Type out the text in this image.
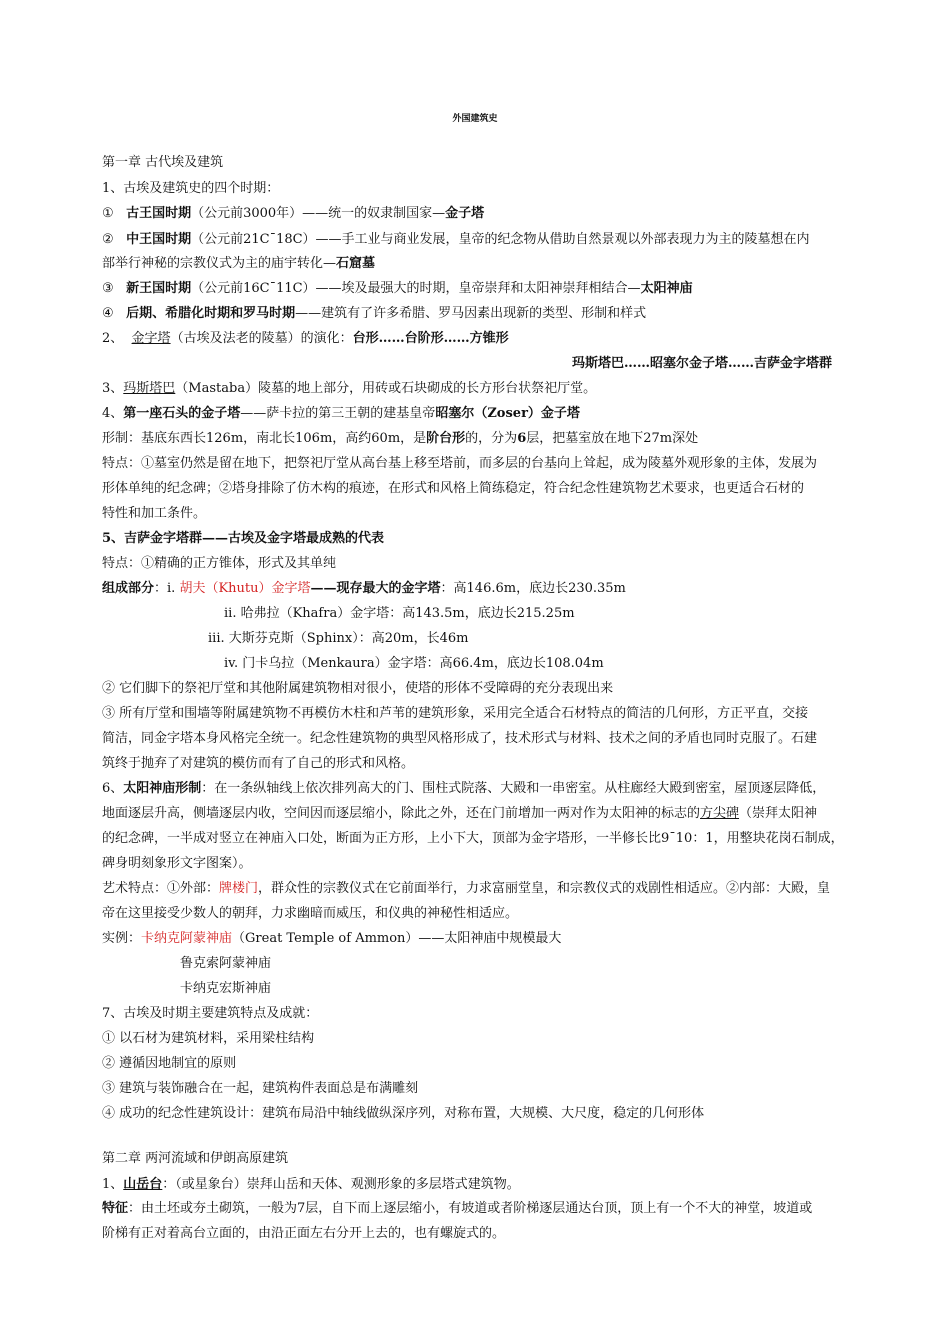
外国建筑史
第一章 古代埃及建筑
1、古埃及建筑史的四个时期：
① 古王国时期（公元前3000年）——统一的奴隶制国家—金子塔
② 中王国时期（公元前21C¯18C）——手工业与商业发展，皇帝的纪念物从借助自然景观以外部表现力为主的陵墓想在内
部举行神秘的宗教仪式为主的庙宇转化—石窟墓
③ 新王国时期（公元前16C¯11C）——埃及最强大的时期，皇帝崇拜和太阳神崇拜相结合—太阳神庙
④ 后期、希腊化时期和罗马时期——建筑有了许多希腊、罗马因素出现新的类型、形制和样式
2、 金字塔（古埃及法老的陵墓）的演化：台形……台阶形……方锥形
玛斯塔巴……昭塞尔金子塔……吉萨金字塔群
3、玛斯塔巴（Mastaba）陵墓的地上部分，用砖或石块砌成的长方形台状祭祀厅堂。
4、第一座石头的金子塔——萨卡拉的第三王朝的建基皇帝昭塞尔（Zoser）金子塔
形制：基底东西长126m，南北长106m，高约60m，是阶台形的，分为6层，把墓室放在地下27m深处
特点：①墓室仍然是留在地下，把祭祀厅堂从高台基上移至塔前，而多层的台基向上耸起，成为陵墓外观形象的主体，发展为
形体单纯的纪念碑；②塔身排除了仿木构的痕迹，在形式和风格上简练稳定，符合纪念性建筑物艺术要求，也更适合石材的
特性和加工条件。
5、吉萨金字塔群——古埃及金字塔最成熟的代表
特点：①精确的正方锥体，形式及其单纯
组成部分：i. 胡夫（Khutu）金字塔——现存最大的金字塔：高146.6m，底边长230.35m
ii. 哈弗拉（Khafra）金字塔：高143.5m，底边长215.25m
iii. 大斯芬克斯（Sphinx）：高20m，长46m
iv. 门卡乌拉（Menkaura）金字塔：高66.4m，底边长108.04m
② 它们脚下的祭祀厅堂和其他附属建筑物相对很小，使塔的形体不受障碍的充分表现出来
③ 所有厅堂和围墙等附属建筑物不再模仿木柱和芦苇的建筑形象，采用完全适合石材特点的简洁的几何形，方正平直，交接
简洁，同金字塔本身风格完全统一。纪念性建筑物的典型风格形成了，技术形式与材料、技术之间的矛盾也同时克服了。石建
筑终于抛弃了对建筑的模仿而有了自己的形式和风格。
6、太阳神庙形制：在一条纵轴线上依次排列高大的门、围柱式院落、大殿和一串密室。从柱廊经大殿到密室，屋顶逐层降低，
地面逐层升高，侧墙逐层内收，空间因而逐层缩小，除此之外，还在门前增加一两对作为太阳神的标志的方尖碑（崇拜太阳神
的纪念碑，一半成对竖立在神庙入口处，断面为正方形，上小下大，顶部为金字塔形，一半修长比9¯10：1，用整块花岗石制成，
碑身明刻象形文字图案）。
艺术特点：①外部：牌楼门，群众性的宗教仪式在它前面举行，力求富丽堂皇，和宗教仪式的戏剧性相适应。②内部：大殿，皇
帝在这里接受少数人的朝拜，力求幽暗而威压，和仪典的神秘性相适应。
实例：卡纳克阿蒙神庙（Great Temple of Ammon）——太阳神庙中规模最大
鲁克索阿蒙神庙
卡纳克宏斯神庙
7、古埃及时期主要建筑特点及成就：
① 以石材为建筑材料，采用梁柱结构
② 遵循因地制宜的原则
③ 建筑与装饰融合在一起，建筑构件表面总是布满雕刻
④ 成功的纪念性建筑设计：建筑布局沿中轴线做纵深序列，对称布置，大规模、大尺度，稳定的几何形体
第二章 两河流域和伊朗高原建筑
1、山岳台：（或星象台）崇拜山岳和天体、观测形象的多层塔式建筑物。
特征：由土坯或夯土砌筑，一般为7层，自下而上逐层缩小，有坡道或者阶梯逐层通达台顶，顶上有一个不大的神堂，坡道或
阶梯有正对着高台立面的，由沿正面左右分开上去的，也有螺旋式的。
